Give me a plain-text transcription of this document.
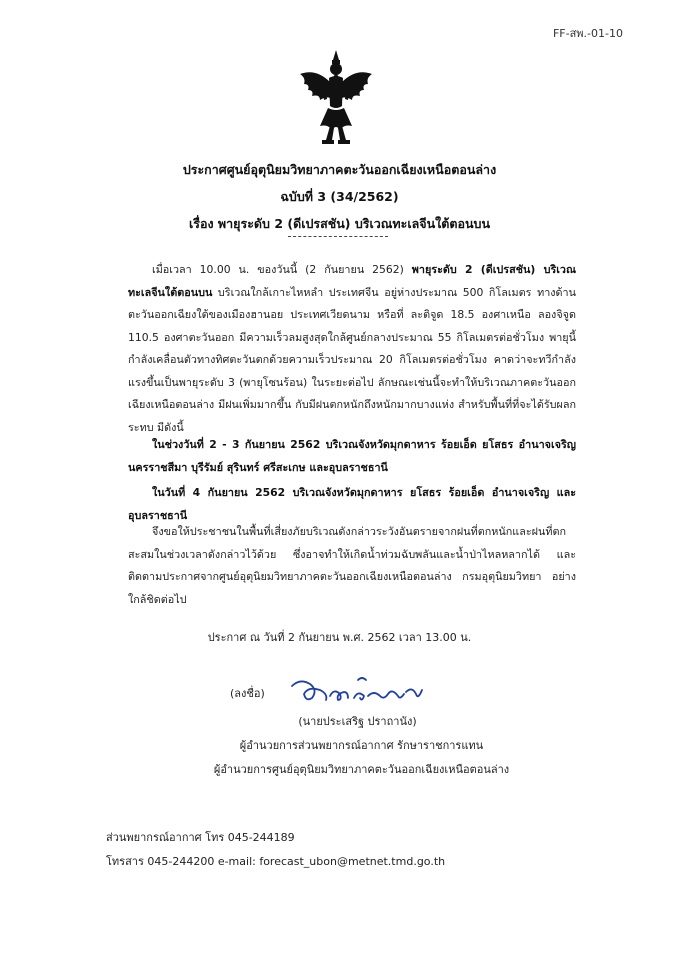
FF-สพ.-01-10
ประกาศศูนย์อุตุนิยมวิทยาภาคตะวันออกเฉียงเหนือตอนล่าง
ฉบับที่ 3 (34/2562)
เรื่อง พายุระดับ 2 (ดีเปรสชัน) บริเวณทะเลจีนใต้ตอนบน
เมื่อเวลา 10.00 น. ของวันนี้ (2 กันยายน 2562) พายุระดับ 2 (ดีเปรสชัน) บริเวณทะเลจีนใต้ตอนบน บริเวณใกล้เกาะไหหลำ ประเทศจีน อยู่ห่างประมาณ 500 กิโลเมตร ทางด้านตะวันออกเฉียงใต้ของเมืองฮานอย ประเทศเวียดนาม หรือที่ ละติจูด 18.5 องศาเหนือ ลองจิจูด 110.5 องศาตะวันออก มีความเร็วลมสูงสุดใกล้ศูนย์กลางประมาณ 55 กิโลเมตรต่อชั่วโมง พายุนี้กำลังเคลื่อนตัวทางทิศตะวันตกด้วยความเร็วประมาณ 20 กิโลเมตรต่อชั่วโมง คาดว่าจะทวีกำลังแรงขึ้นเป็นพายุระดับ 3 (พายุโซนร้อน) ในระยะต่อไป ลักษณะเช่นนี้จะทำให้บริเวณภาคตะวันออกเฉียงเหนือตอนล่าง มีฝนเพิ่มมากขึ้น กับมีฝนตกหนักถึงหนักมากบางแห่ง สำหรับพื้นที่ที่จะได้รับผลกระทบ มีดังนี้
ในช่วงวันที่ 2 - 3 กันยายน 2562 บริเวณจังหวัดมุกดาหาร ร้อยเอ็ด ยโสธร อำนาจเจริญ นครราชสีมา บุรีรัมย์ สุรินทร์ ศรีสะเกษ และอุบลราชธานี
ในวันที่ 4 กันยายน 2562 บริเวณจังหวัดมุกดาหาร ยโสธร ร้อยเอ็ด อำนาจเจริญ และอุบลราชธานี
จึงขอให้ประชาชนในพื้นที่เสี่ยงภัยบริเวณดังกล่าวระวังอันตรายจากฝนที่ตกหนักและฝนที่ตกสะสมในช่วงเวลาดังกล่าวไว้ด้วย ซึ่งอาจทำให้เกิดน้ำท่วมฉับพลันและน้ำป่าไหลหลากได้ และติดตามประกาศจากศูนย์อุตุนิยมวิทยาภาคตะวันออกเฉียงเหนือตอนล่าง กรมอุตุนิยมวิทยา อย่างใกล้ชิดต่อไป
ประกาศ ณ วันที่ 2 กันยายน พ.ศ. 2562 เวลา 13.00 น.
(ลงชื่อ)
(นายประเสริฐ ปราถานัง)
ผู้อำนวยการส่วนพยากรณ์อากาศ รักษาราชการแทน
ผู้อำนวยการศูนย์อุตุนิยมวิทยาภาคตะวันออกเฉียงเหนือตอนล่าง
ส่วนพยากรณ์อากาศ โทร 045-244189
โทรสาร 045-244200 e-mail: forecast_ubon@metnet.tmd.go.th
